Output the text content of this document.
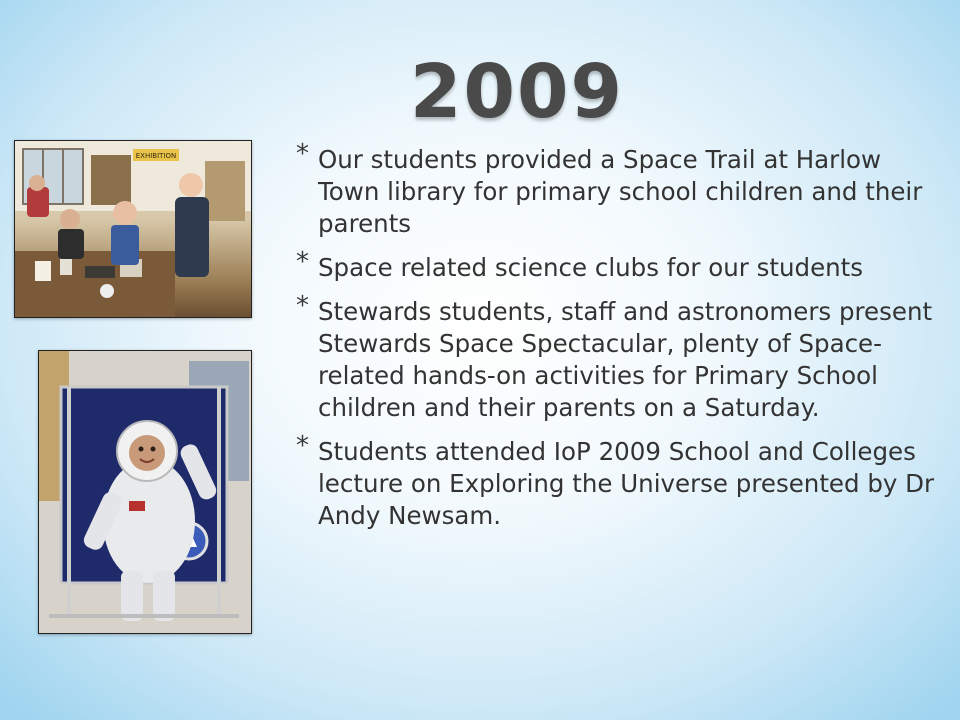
2009
EXHIBITION	* Our students provided a Space Trail at Harlow Town library for primary school children and their parents
* Space related science clubs for our students
* Stewards students, staff and astronomers present Stewards Space Spectacular, plenty of Space-related hands-on activities for Primary School children and their parents on a Saturday.
* Students attended IoP 2009 School and Colleges lecture on Exploring the Universe presented by Dr Andy Newsam.
